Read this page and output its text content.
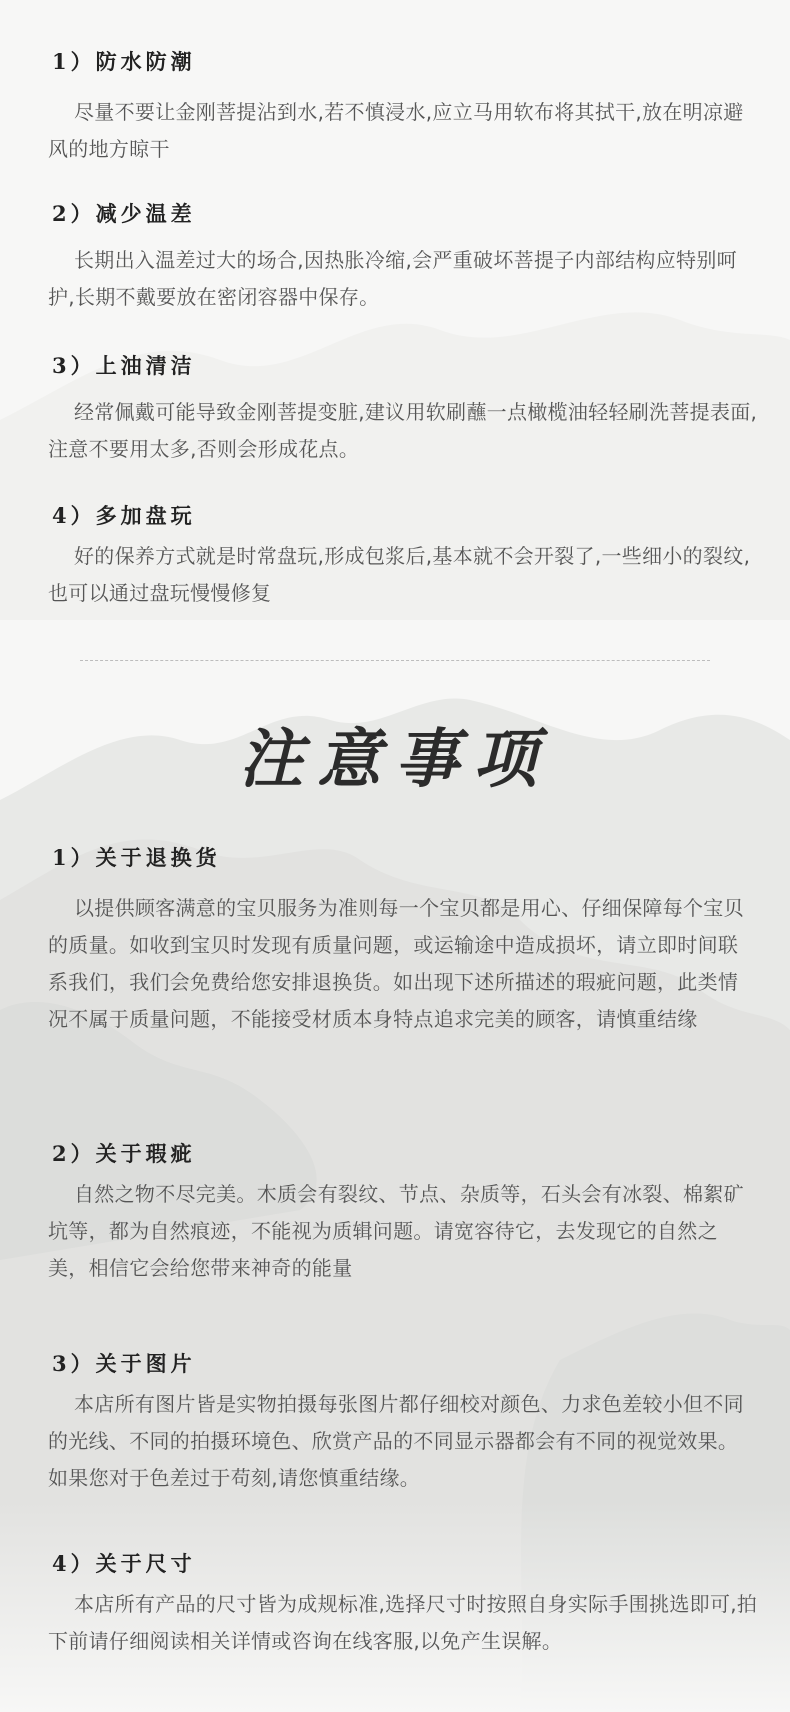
1）防水防潮

尽量不要让金刚菩提沾到水,若不慎浸水,应立马用软布将其拭干,放在明凉避风的地方晾干

2）减少温差

长期出入温差过大的场合,因热胀冷缩,会严重破坏菩提子内部结构应特别呵护,长期不戴要放在密闭容器中保存。

3）上油清洁

经常佩戴可能导致金刚菩提变脏,建议用软刷蘸一点橄榄油轻轻刷洗菩提表面,注意不要用太多,否则会形成花点。

4）多加盘玩

好的保养方式就是时常盘玩,形成包浆后,基本就不会开裂了,一些细小的裂纹,也可以通过盘玩慢慢修复

注意事项
1）关于退换货

以提供顾客满意的宝贝服务为准则每一个宝贝都是用心、仔细保障每个宝贝的质量。如收到宝贝时发现有质量问题，或运输途中造成损坏，请立即时间联系我们，我们会免费给您安排退换货。如出现下述所描述的瑕疵问题，此类情况不属于质量问题，不能接受材质本身特点追求完美的顾客，请慎重结缘

2）关于瑕疵

自然之物不尽完美。木质会有裂纹、节点、杂质等，石头会有冰裂、棉絮矿坑等，都为自然痕迹，不能视为质辑问题。请宽容待它，去发现它的自然之美，相信它会给您带来神奇的能量

3）关于图片

本店所有图片皆是实物拍摄每张图片都仔细校对颜色、力求色差较小但不同的光线、不同的拍摄环境色、欣赏产品的不同显示器都会有不同的视觉效果。如果您对于色差过于苟刻,请您慎重结缘。

4）关于尺寸

本店所有产品的尺寸皆为成规标准,选择尺寸时按照自身实际手围挑选即可,拍下前请仔细阅读相关详情或咨询在线客服,以免产生误解。
